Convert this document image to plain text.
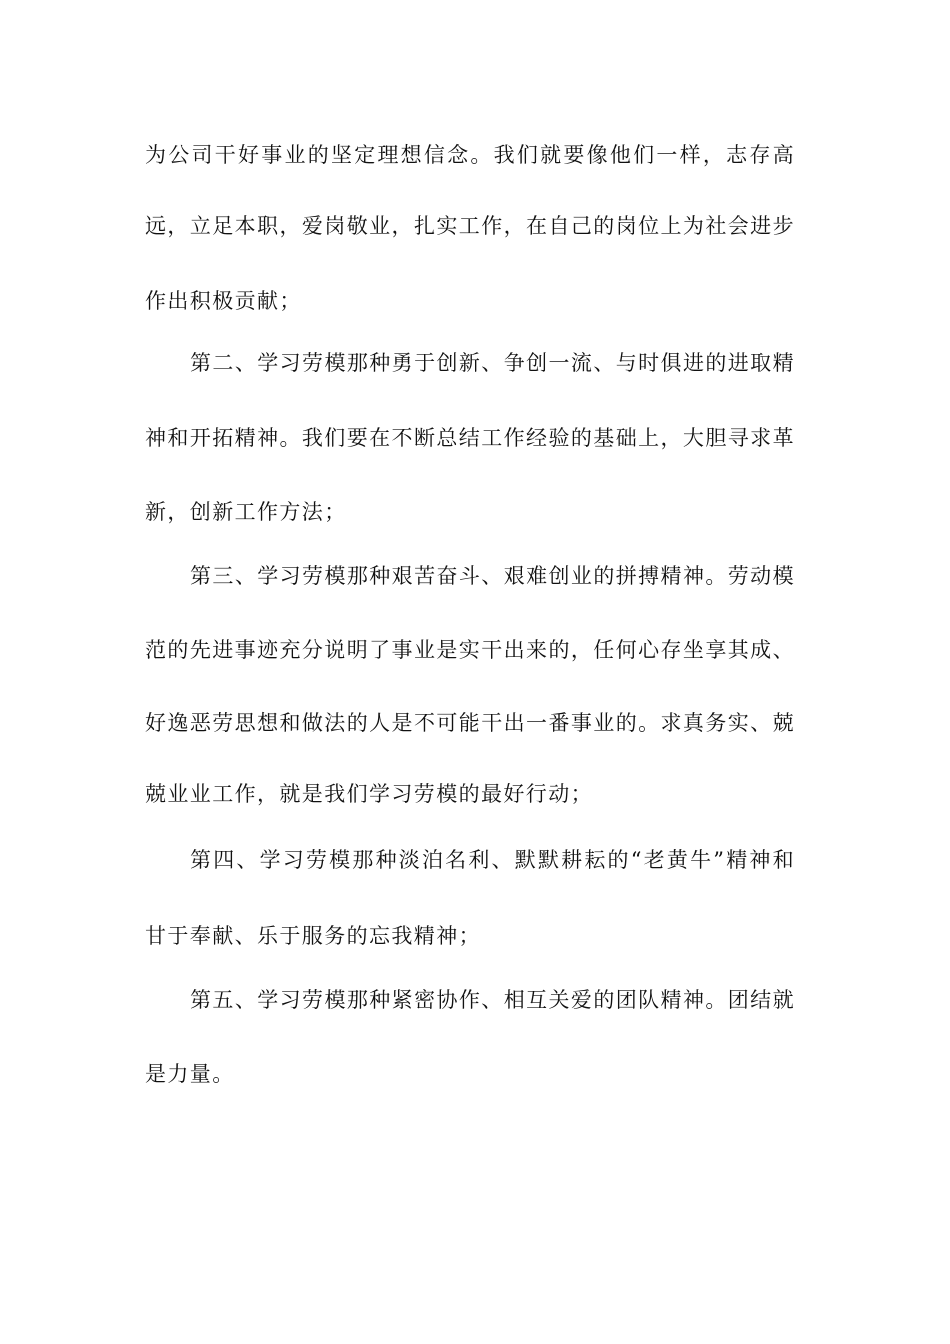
为公司干好事业的坚定理想信念。我们就要像他们一样，志存高
远，立足本职，爱岗敬业，扎实工作，在自己的岗位上为社会进步
作出积极贡献；
第二、学习劳模那种勇于创新、争创一流、与时俱进的进取精
神和开拓精神。我们要在不断总结工作经验的基础上，大胆寻求革
新，创新工作方法；
第三、学习劳模那种艰苦奋斗、艰难创业的拼搏精神。劳动模
范的先进事迹充分说明了事业是实干出来的，任何心存坐享其成、
好逸恶劳思想和做法的人是不可能干出一番事业的。求真务实、兢
兢业业工作，就是我们学习劳模的最好行动；
第四、学习劳模那种淡泊名利、默默耕耘的“老黄牛”精神和
甘于奉献、乐于服务的忘我精神；
第五、学习劳模那种紧密协作、相互关爱的团队精神。团结就
是力量。
